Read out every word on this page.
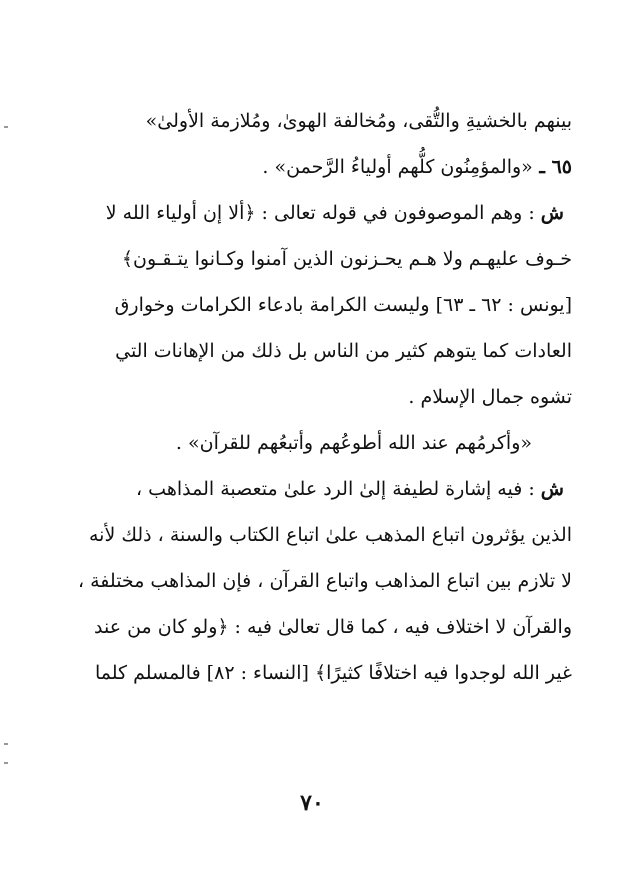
بينهم بالخشيةِ والتُّقى، ومُخالفة الهوىٰ، ومُلازمة الأولىٰ»
٦٥ ـ «والمؤمِنُون كلُّهم أولياءُ الرَّحمن» .
ش : وهم الموصوفون في قوله تعالى : ﴿ألا إن أولياء الله لا
خـوف عليهـم ولا هـم يحـزنون الذين آمنوا وكـانوا يتـقـون﴾
[يونس : ٦٢ ـ ٦٣] وليست الكرامة بادعاء الكرامات وخوارق
العادات كما يتوهم كثير من الناس بل ذلك من الإهانات التي
تشوه جمال الإسلام .
«وأكرمُهم عند الله أطوعُهم وأتبعُهم للقرآن» .
ش : فيه إشارة لطيفة إلىٰ الرد علىٰ متعصبة المذاهب ،
الذين يؤثرون اتباع المذهب علىٰ اتباع الكتاب والسنة ، ذلك لأنه
لا تلازم بين اتباع المذاهب واتباع القرآن ، فإن المذاهب مختلفة ،
والقرآن لا اختلاف فيه ، كما قال تعالىٰ فيه : ﴿ولو كان من عند
غير الله لوجدوا فيه اختلافًا كثيرًا﴾ [النساء : ٨٢] فالمسلم كلما
٧٠
